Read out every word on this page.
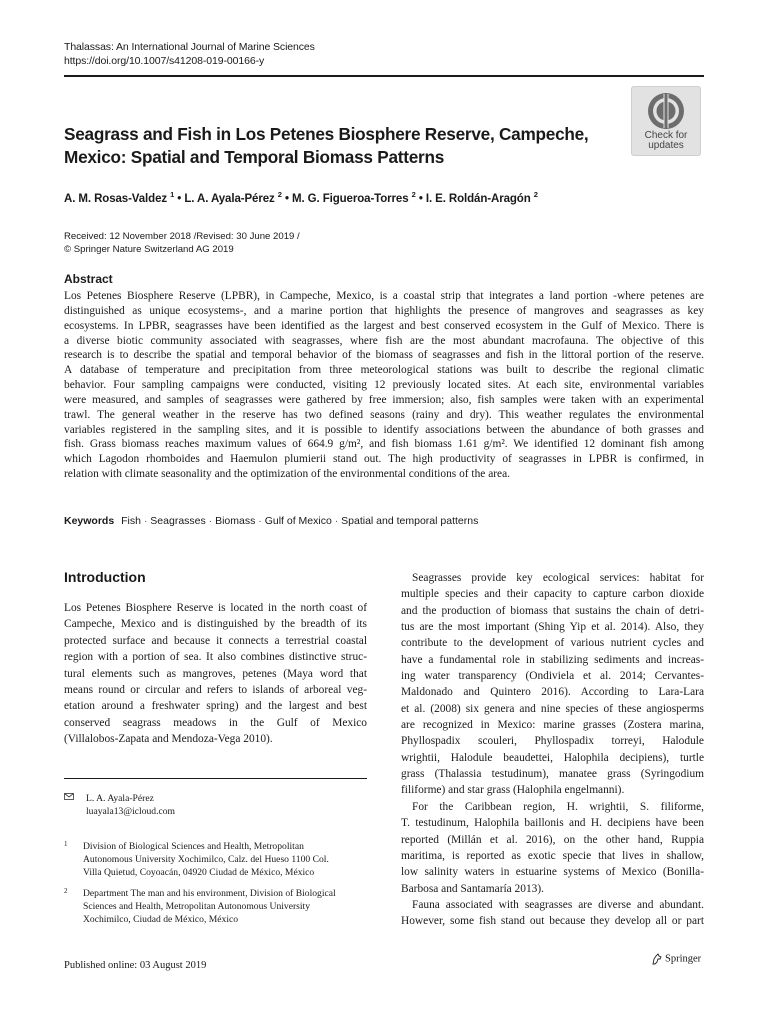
Thalassas: An International Journal of Marine Sciences
https://doi.org/10.1007/s41208-019-00166-y
Check for
updates
Seagrass and Fish in Los Petenes Biosphere Reserve, Campeche,
Mexico: Spatial and Temporal Biomass Patterns
A. M. Rosas-Valdez $^1$ • L. A. Ayala-Pérez $^2$ • M. G. Figueroa-Torres $^2$ • I. E. Roldán-Aragón $^2$
Received: 12 November 2018 /Revised: 30 June 2019 /
© Springer Nature Switzerland AG 2019
Abstract
Los Petenes Biosphere Reserve (LPBR), in Campeche, Mexico, is a coastal strip that integrates a land portion -where petenes are
distinguished as unique ecosystems-, and a marine portion that highlights the presence of mangroves and seagrasses as key
ecosystems. In LPBR, seagrasses have been identified as the largest and best conserved ecosystem in the Gulf of Mexico. There is
a diverse biotic community associated with seagrasses, where fish are the most abundant macrofauna. The objective of this
research is to describe the spatial and temporal behavior of the biomass of seagrasses and fish in the littoral portion of the reserve.
A database of temperature and precipitation from three meteorological stations was built to describe the regional climatic
behavior. Four sampling campaigns were conducted, visiting 12 previously located sites. At each site, environmental variables
were measured, and samples of seagrasses were gathered by free immersion; also, fish samples were taken with an experimental
trawl. The general weather in the reserve has two defined seasons (rainy and dry). This weather regulates the environmental
variables registered in the sampling sites, and it is possible to identify associations between the abundance of both grasses and
fish. Grass biomass reaches maximum values of 664.9 g/m², and fish biomass 1.61 g/m². We identified 12 dominant fish among
which Lagodon rhomboides and Haemulon plumierii stand out. The high productivity of seagrasses in LPBR is confirmed, in
relation with climate seasonality and the optimization of the environmental conditions of the area.
Keywords Fish · Seagrasses · Biomass · Gulf of Mexico · Spatial and temporal patterns
Introduction
Los Petenes Biosphere Reserve is located in the north coast of
Campeche, Mexico and is distinguished by the breadth of its
protected surface and because it connects a terrestrial coastal
region with a portion of sea. It also combines distinctive struc-
tural elements such as mangroves, petenes (Maya word that
means round or circular and refers to islands of arboreal veg-
etation around a freshwater spring) and the largest and best
conserved seagrass meadows in the Gulf of Mexico
(Villalobos-Zapata and Mendoza-Vega 2010).
Seagrasses provide key ecological services: habitat for
multiple species and their capacity to capture carbon dioxide
and the production of biomass that sustains the chain of detri-
tus are the most important (Shing Yip et al. 2014). Also, they
contribute to the development of various nutrient cycles and
have a fundamental role in stabilizing sediments and increas-
ing water transparency (Ondiviela et al. 2014; Cervantes-
Maldonado and Quintero 2016). According to Lara-Lara
et al. (2008) six genera and nine species of these angiosperms
are recognized in Mexico: marine grasses (Zostera marina,
Phyllospadix scouleri, Phyllospadix torreyi, Halodule
wrightii, Halodule beaudettei, Halophila decipiens), turtle
grass (Thalassia testudinum), manatee grass (Syringodium
filiforme) and star grass (Halophila engelmanni).
For the Caribbean region, H. wrightii, S. filiforme,
T. testudinum, Halophila baillonis and H. decipiens have been
reported (Millán et al. 2016), on the other hand, Ruppia
maritima, is reported as exotic specie that lives in shallow,
low salinity waters in estuarine systems of Mexico (Bonilla-
Barbosa and Santamaría 2013).
Fauna associated with seagrasses are diverse and abundant.
However, some fish stand out because they develop all or part
L. A. Ayala-Pérez
luayala13@icloud.com
1 Division of Biological Sciences and Health, Metropolitan
Autonomous University Xochimilco, Calz. del Hueso 1100 Col.
Villa Quietud, Coyoacán, 04920 Ciudad de México, México
2 Department The man and his environment, Division of Biological
Sciences and Health, Metropolitan Autonomous University
Xochimilco, Ciudad de México, México
Published online: 03 August 2019
Springer
